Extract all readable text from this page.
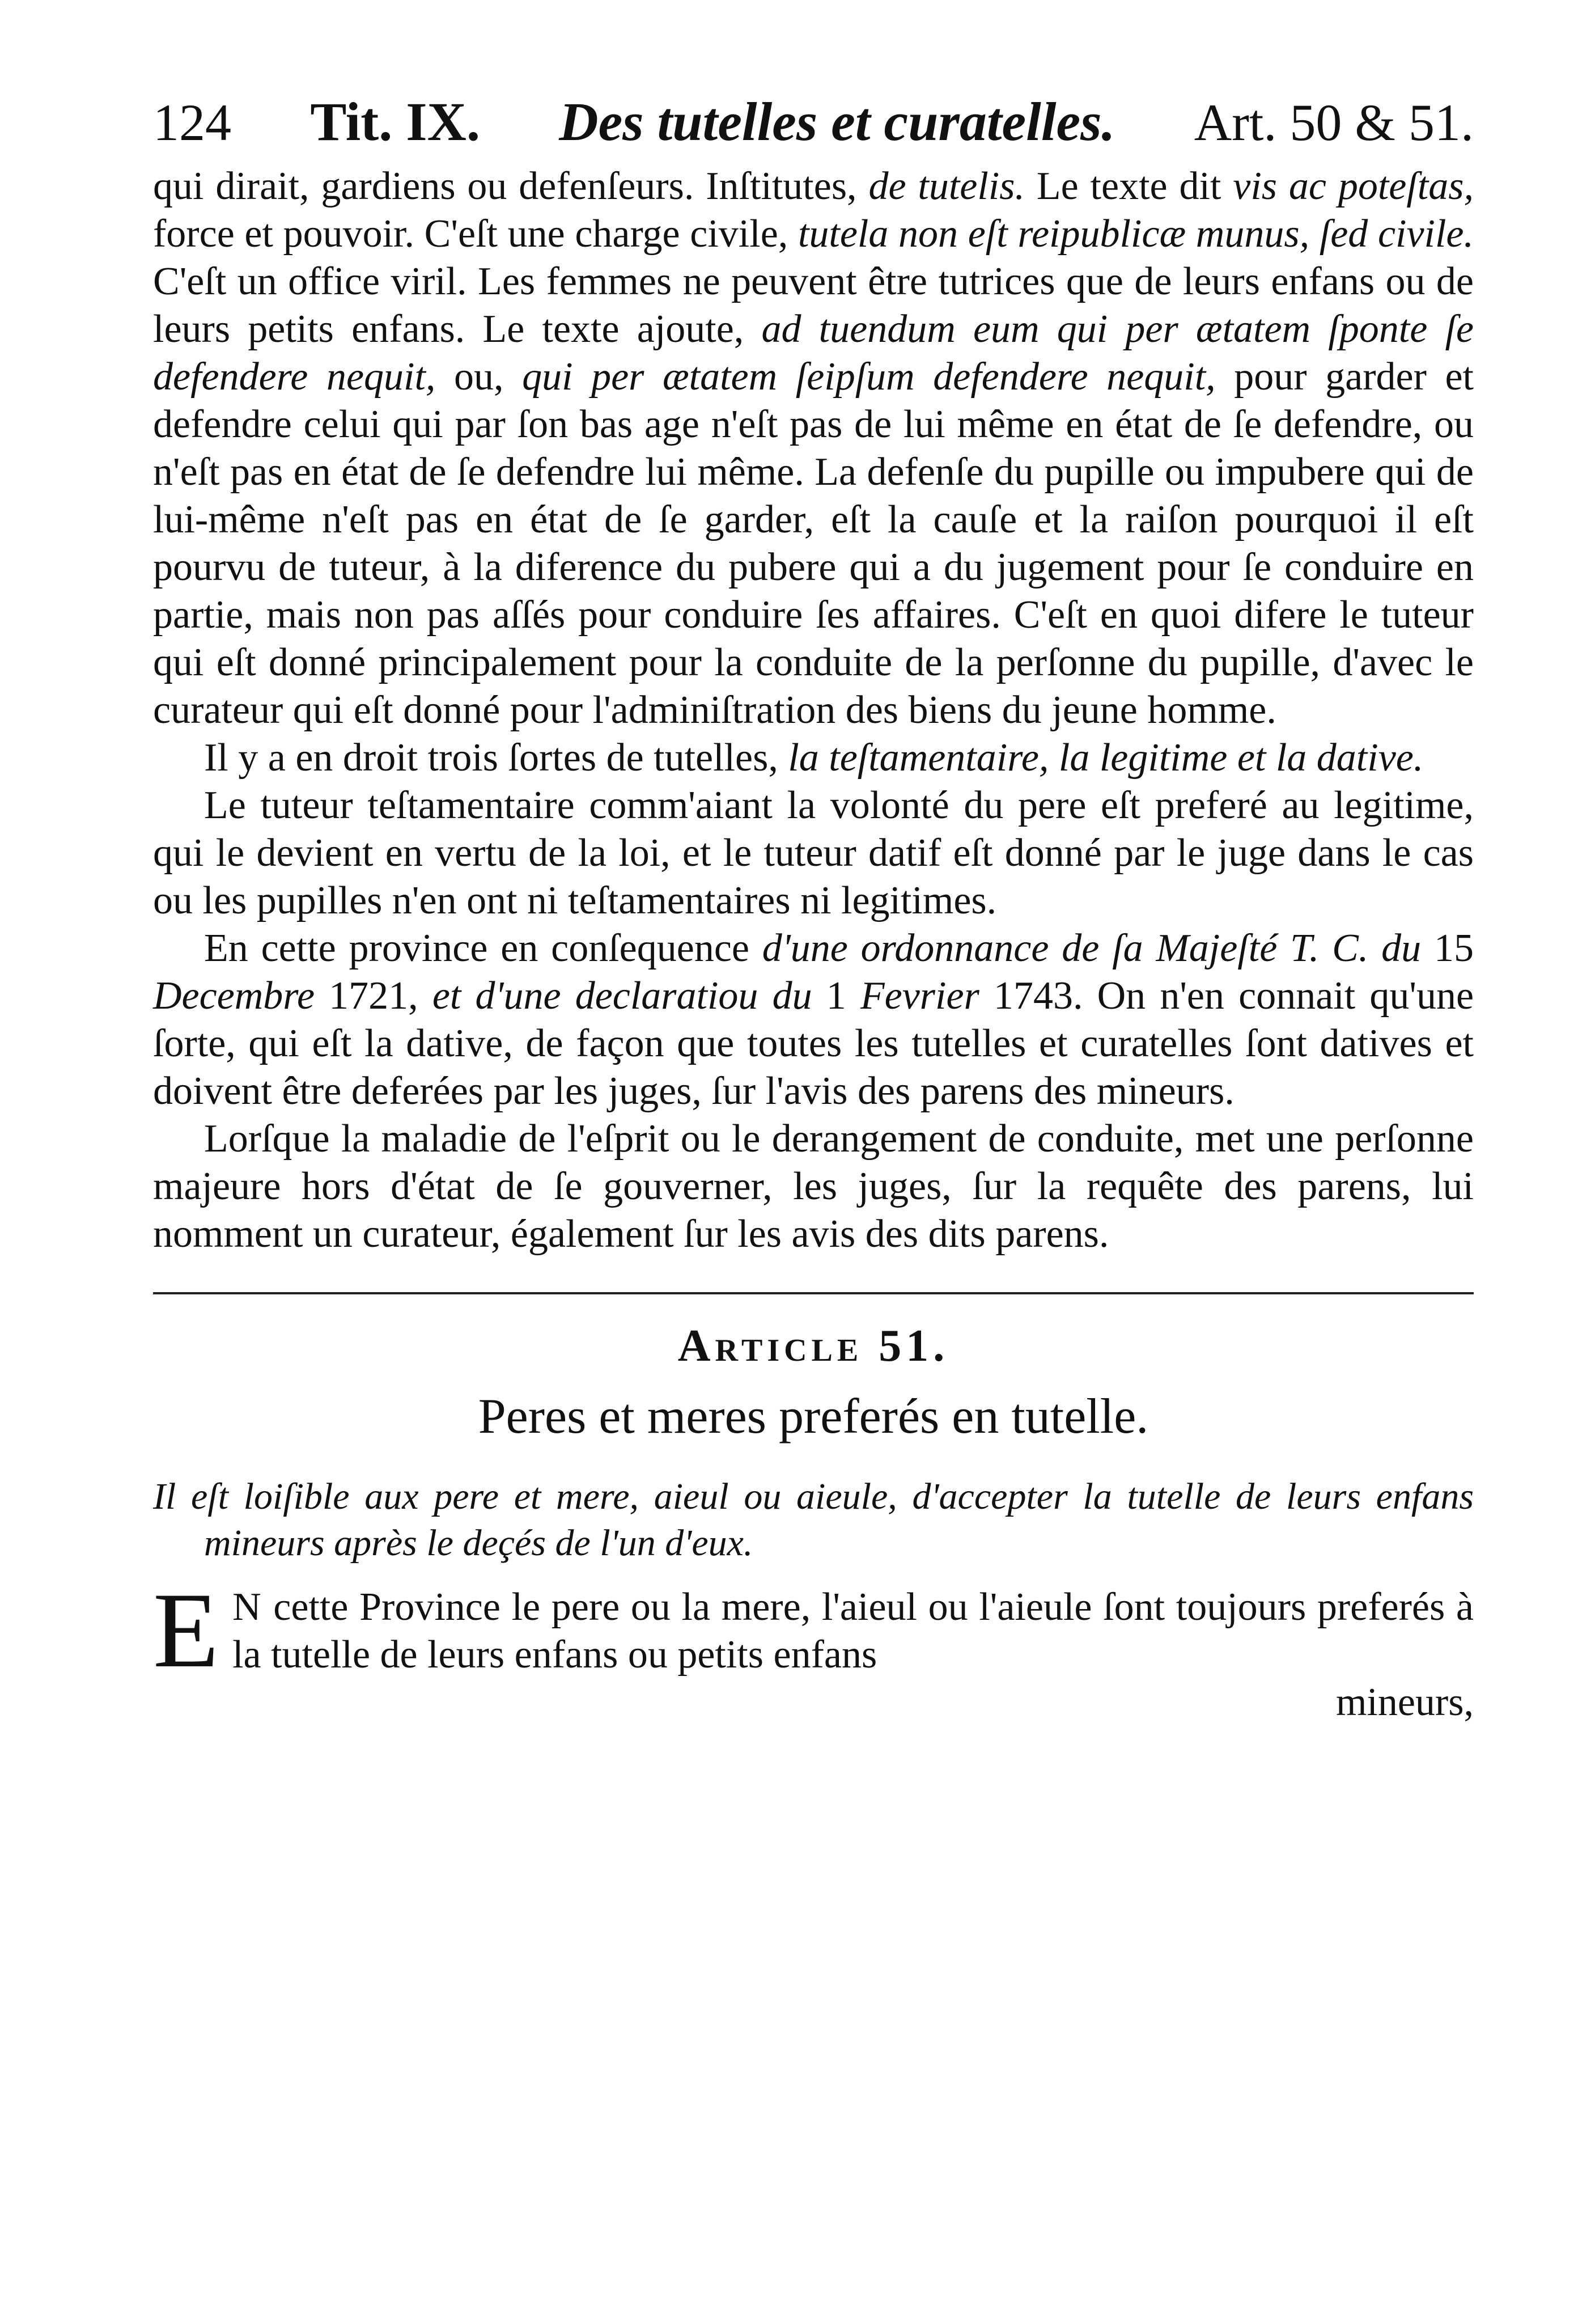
124 Tit. IX. Des tutelles et curatelles. Art. 50 & 51.

qui dirait, gardiens ou defenſeurs. Inſtitutes, de tutelis. Le texte dit vis ac poteſtas, force et pouvoir. C'eſt une charge civile, tutela non eſt reipublicæ munus, ſed civile. C'eſt un office viril. Les femmes ne peuvent être tutrices que de leurs enfans ou de leurs petits enfans. Le texte ajoute, ad tuendum eum qui per ætatem ſponte ſe defendere nequit, ou, qui per ætatem ſeipſum defendere nequit, pour garder et defendre celui qui par ſon bas age n'eſt pas de lui même en état de ſe defendre, ou n'eſt pas en état de ſe defendre lui même. La defenſe du pupille ou impubere qui de lui-même n'eſt pas en état de ſe garder, eſt la cauſe et la raiſon pourquoi il eſt pourvu de tuteur, à la diference du pubere qui a du jugement pour ſe conduire en partie, mais non pas aſſés pour conduire ſes affaires. C'eſt en quoi difere le tuteur qui eſt donné principalement pour la conduite de la perſonne du pupille, d'avec le curateur qui eſt donné pour l'adminiſtration des biens du jeune homme.

Il y a en droit trois ſortes de tutelles, la teſtamentaire, la legitime et la dative.

Le tuteur teſtamentaire comm'aiant la volonté du pere eſt preferé au legitime, qui le devient en vertu de la loi, et le tuteur datif eſt donné par le juge dans le cas ou les pupilles n'en ont ni teſtamentaires ni legitimes.

En cette province en conſequence d'une ordonnance de ſa Majeſté T. C. du 15 Decembre 1721, et d'une declaratiou du 1 Fevrier 1743. On n'en connait qu'une ſorte, qui eſt la dative, de façon que toutes les tutelles et curatelles ſont datives et doivent être deferées par les juges, ſur l'avis des parens des mineurs.

Lorſque la maladie de l'eſprit ou le derangement de conduite, met une perſonne majeure hors d'état de ſe gouverner, les juges, ſur la requête des parens, lui nomment un curateur, également ſur les avis des dits parens.

Article 51.
Peres et meres preferés en tutelle.

Il eſt loiſible aux pere et mere, aieul ou aieule, d'accepter la tutelle de leurs enfans mineurs après le deçés de l'un d'eux.

E N cette Province le pere ou la mere, l'aieul ou l'aieule ſont toujours preferés à la tutelle de leurs enfans ou petits enfans

mineurs,
